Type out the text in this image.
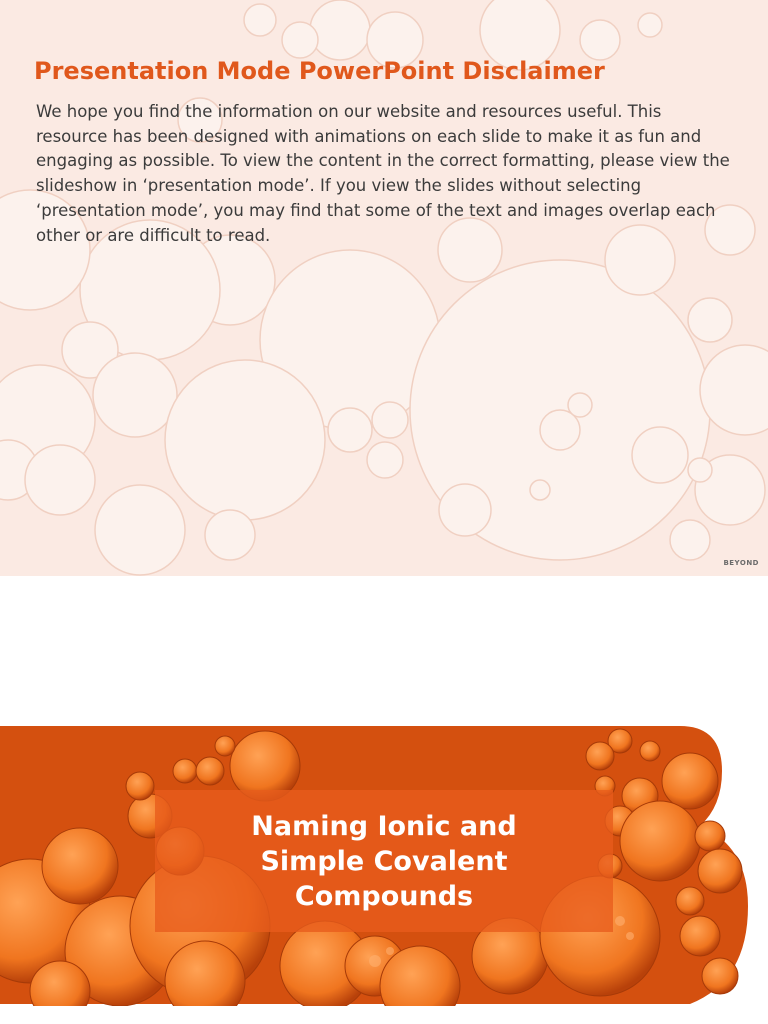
Presentation Mode PowerPoint Disclaimer

We hope you find the information on our website and resources useful. This resource has been designed with animations on each slide to make it as fun and engaging as possible. To view the content in the correct formatting, please view the slideshow in ‘presentation mode’. If you view the slides without selecting ‘presentation mode’, you may find that some of the text and images overlap each other or are difficult to read.

BEYOND
Naming Ionic and Simple Covalent Compounds
